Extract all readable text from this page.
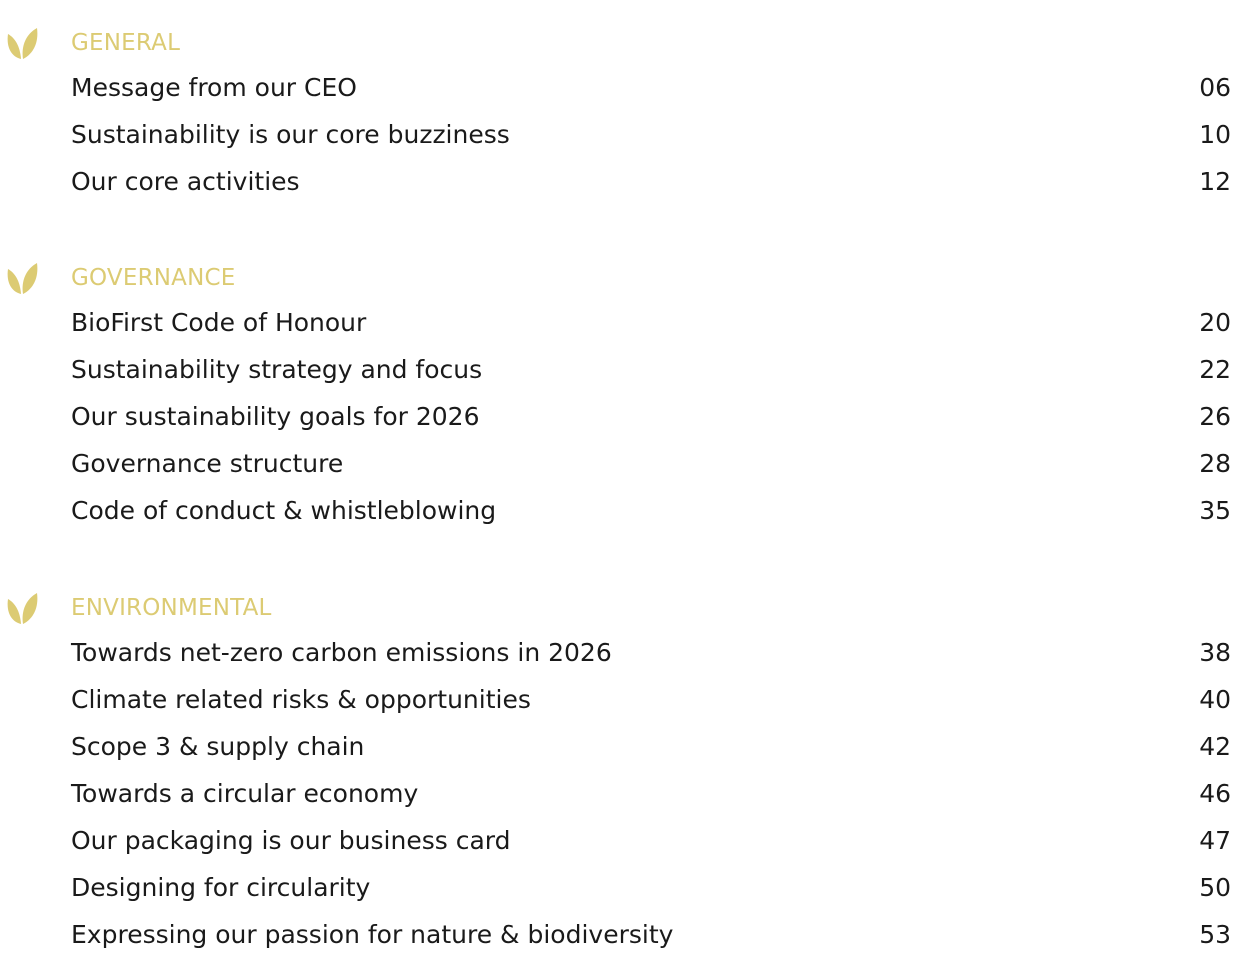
GENERAL
Message from our CEO	06
Sustainability is our core buzziness	10
Our core activities	12
GOVERNANCE
BioFirst Code of Honour	20
Sustainability strategy and focus	22
Our sustainability goals for 2026	26
Governance structure	28
Code of conduct & whistleblowing	35
ENVIRONMENTAL
Towards net-zero carbon emissions in 2026	38
Climate related risks & opportunities	40
Scope 3 & supply chain	42
Towards a circular economy	46
Our packaging is our business card	47
Designing for circularity	50
Expressing our passion for nature & biodiversity	53
